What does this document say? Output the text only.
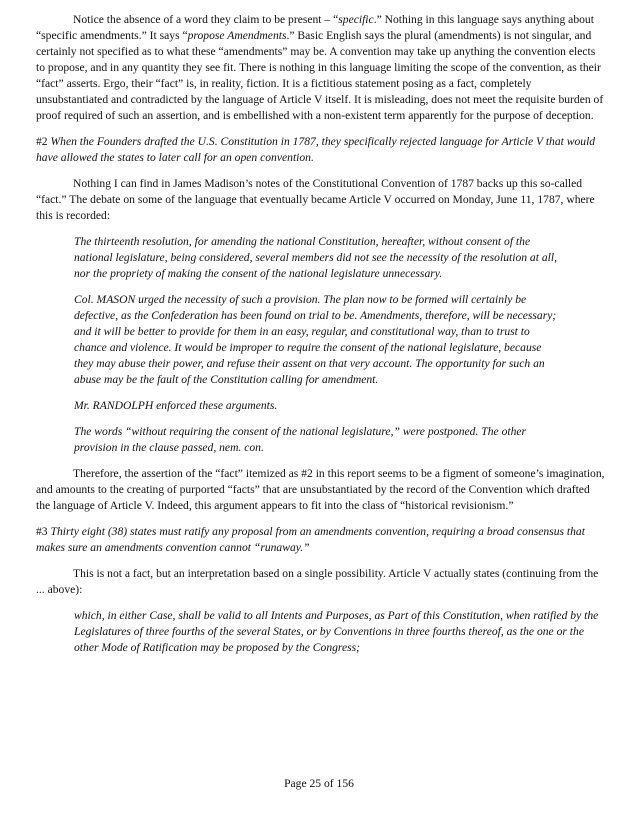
Notice the absence of a word they claim to be present – “specific.” Nothing in this language says anything about “specific amendments.” It says “propose Amendments.” Basic English says the plural (amendments) is not singular, and certainly not specified as to what these “amendments” may be. A convention may take up anything the convention elects to propose, and in any quantity they see fit. There is nothing in this language limiting the scope of the convention, as their “fact” asserts. Ergo, their “fact” is, in reality, fiction. It is a fictitious statement posing as a fact, completely unsubstantiated and contradicted by the language of Article V itself. It is misleading, does not meet the requisite burden of proof required of such an assertion, and is embellished with a non-existent term apparently for the purpose of deception.

#2 When the Founders drafted the U.S. Constitution in 1787, they specifically rejected language for Article V that would have allowed the states to later call for an open convention.

Nothing I can find in James Madison’s notes of the Constitutional Convention of 1787 backs up this so-called “fact.” The debate on some of the language that eventually became Article V occurred on Monday, June 11, 1787, where this is recorded:

The thirteenth resolution, for amending the national Constitution, hereafter, without consent of the national legislature, being considered, several members did not see the necessity of the resolution at all, nor the propriety of making the consent of the national legislature unnecessary.

Col. MASON urged the necessity of such a provision. The plan now to be formed will certainly be defective, as the Confederation has been found on trial to be. Amendments, therefore, will be necessary; and it will be better to provide for them in an easy, regular, and constitutional way, than to trust to chance and violence. It would be improper to require the consent of the national legislature, because they may abuse their power, and refuse their assent on that very account. The opportunity for such an abuse may be the fault of the Constitution calling for amendment.

Mr. RANDOLPH enforced these arguments.

The words “without requiring the consent of the national legislature,” were postponed. The other provision in the clause passed, nem. con.

Therefore, the assertion of the “fact” itemized as #2 in this report seems to be a figment of someone’s imagination, and amounts to the creating of purported “facts” that are unsubstantiated by the record of the Convention which drafted the language of Article V. Indeed, this argument appears to fit into the class of “historical revisionism.”

#3 Thirty eight (38) states must ratify any proposal from an amendments convention, requiring a broad consensus that makes sure an amendments convention cannot “runaway.”

This is not a fact, but an interpretation based on a single possibility. Article V actually states (continuing from the ... above):

which, in either Case, shall be valid to all Intents and Purposes, as Part of this Constitution, when ratified by the Legislatures of three fourths of the several States, or by Conventions in three fourths thereof, as the one or the other Mode of Ratification may be proposed by the Congress;

Page 25 of 156
